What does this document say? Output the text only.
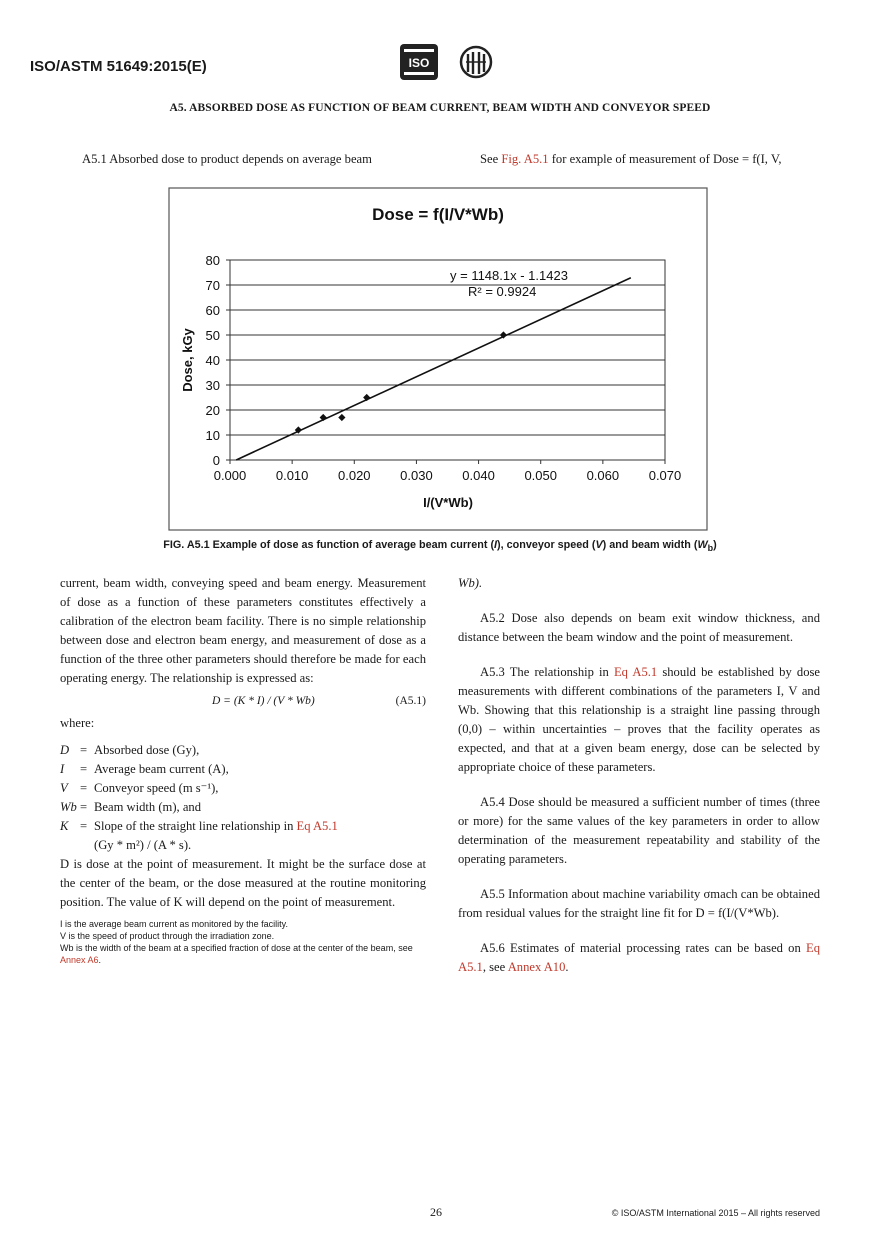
ISO/ASTM 51649:2015(E)	ISO
A5. ABSORBED DOSE AS FUNCTION OF BEAM CURRENT, BEAM WIDTH AND CONVEYOR SPEED

A5.1 Absorbed dose to product depends on average beam	See Fig. A5.1 for example of measurement of Dose = f(I, V,

Dose = f(I/V*Wb)
0
10
20
30
40
50
60
70
80
0.000 0.010 0.020 0.030 0.040 0.050 0.060 0.070
y = 1148.1x - 1.1423
R² = 0.9924
Dose, kGy
I/(V*Wb)
FIG. A5.1 Example of dose as function of average beam current (I), conveyor speed (V) and beam width $(W_b)$

current, beam width, conveying speed and beam energy. Measurement of dose as a function of these parameters constitutes effectively a calibration of the electron beam facility. There is no simple relationship between dose and electron beam energy, and measurement of dose as a function of the three other parameters should therefore be made for each operating energy. The relationship is expressed as:

D = (K * I) / (V * Wb)	(A5.1)

where:

D = Absorbed dose (Gy),
I	= Average beam current (A),
V = Conveyor speed (m s⁻¹),
Wb = Beam width (m), and
K = Slope of the straight line relationship in Eq A5.1
(Gy * m²) / (A * s).

D is dose at the point of measurement. It might be the surface dose at the center of the beam, or the dose measured at the routine monitoring position. The value of K will depend on the point of measurement.

I is the average beam current as monitored by the facility.
V is the speed of product through the irradiation zone.
Wb is the width of the beam at a specified fraction of dose at the center of the beam, see Annex A6.

Wb).

A5.2 Dose also depends on beam exit window thickness, and distance between the beam window and the point of measurement.

A5.3 The relationship in Eq A5.1 should be established by dose measurements with different combinations of the parameters I, V and Wb. Showing that this relationship is a straight line passing through (0,0) – within uncertainties – proves that the facility operates as expected, and that at a given beam energy, dose can be selected by appropriate choice of these parameters.

A5.4 Dose should be measured a sufficient number of times (three or more) for the same values of the key parameters in order to allow determination of the measurement repeatability and stability of the operating parameters.

A5.5 Information about machine variability σmach can be obtained from residual values for the straight line fit for D = f(I/(V*Wb).

A5.6 Estimates of material processing rates can be based on Eq A5.1, see Annex A10.

26	© ISO/ASTM International 2015 – All rights reserved
